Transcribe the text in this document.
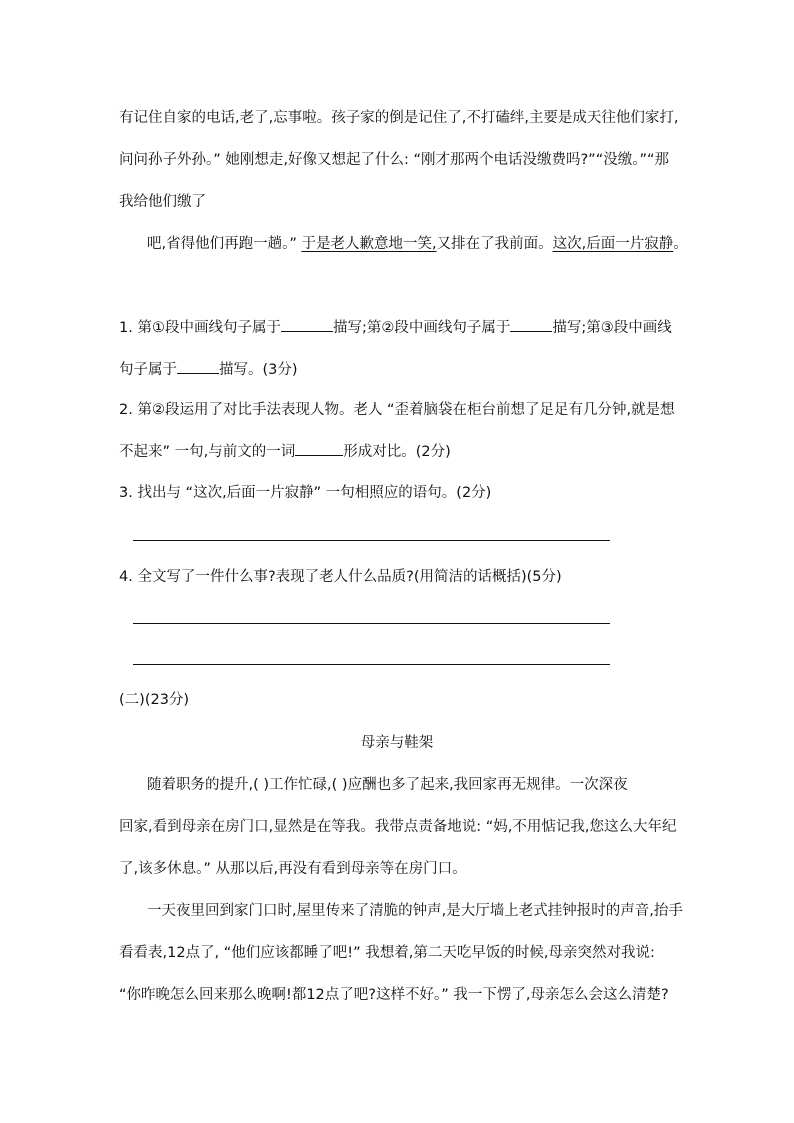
有记住自家的电话,老了,忘事啦。孩子家的倒是记住了,不打磕绊,主要是成天往他们家打,
问问孙子外孙。” 她刚想走,好像又想起了什么: “刚才那两个电话没缴费吗?”“没缴。”“那
我给他们缴了
吧,省得他们再跑一趟。” 于是老人歉意地一笑,又排在了我前面。这次,后面一片寂静。
1. 第①段中画线句子属于	描写;第②段中画线句子属于	描写;第③段中画线
句子属于	描写。(3分)
2. 第②段运用了对比手法表现人物。老人 “歪着脑袋在柜台前想了足足有几分钟,就是想
不起来” 一句,与前文的一词	形成对比。(2分)
3. 找出与 “这次,后面一片寂静” 一句相照应的语句。(2分)
4. 全文写了一件什么事?表现了老人什么品质?(用简洁的话概括)(5分)
(二)(23分)
母亲与鞋架
随着职务的提升,( )工作忙碌,( )应酬也多了起来,我回家再无规律。一次深夜
回家,看到母亲在房门口,显然是在等我。我带点责备地说: “妈,不用惦记我,您这么大年纪
了,该多休息。” 从那以后,再没有看到母亲等在房门口。
一天夜里回到家门口时,屋里传来了清脆的钟声,是大厅墙上老式挂钟报时的声音,抬手
看看表,12点了, “他们应该都睡了吧!” 我想着,第二天吃早饭的时候,母亲突然对我说:
“你昨晚怎么回来那么晚啊!都12点了吧?这样不好。” 我一下愣了,母亲怎么会这么清楚?
